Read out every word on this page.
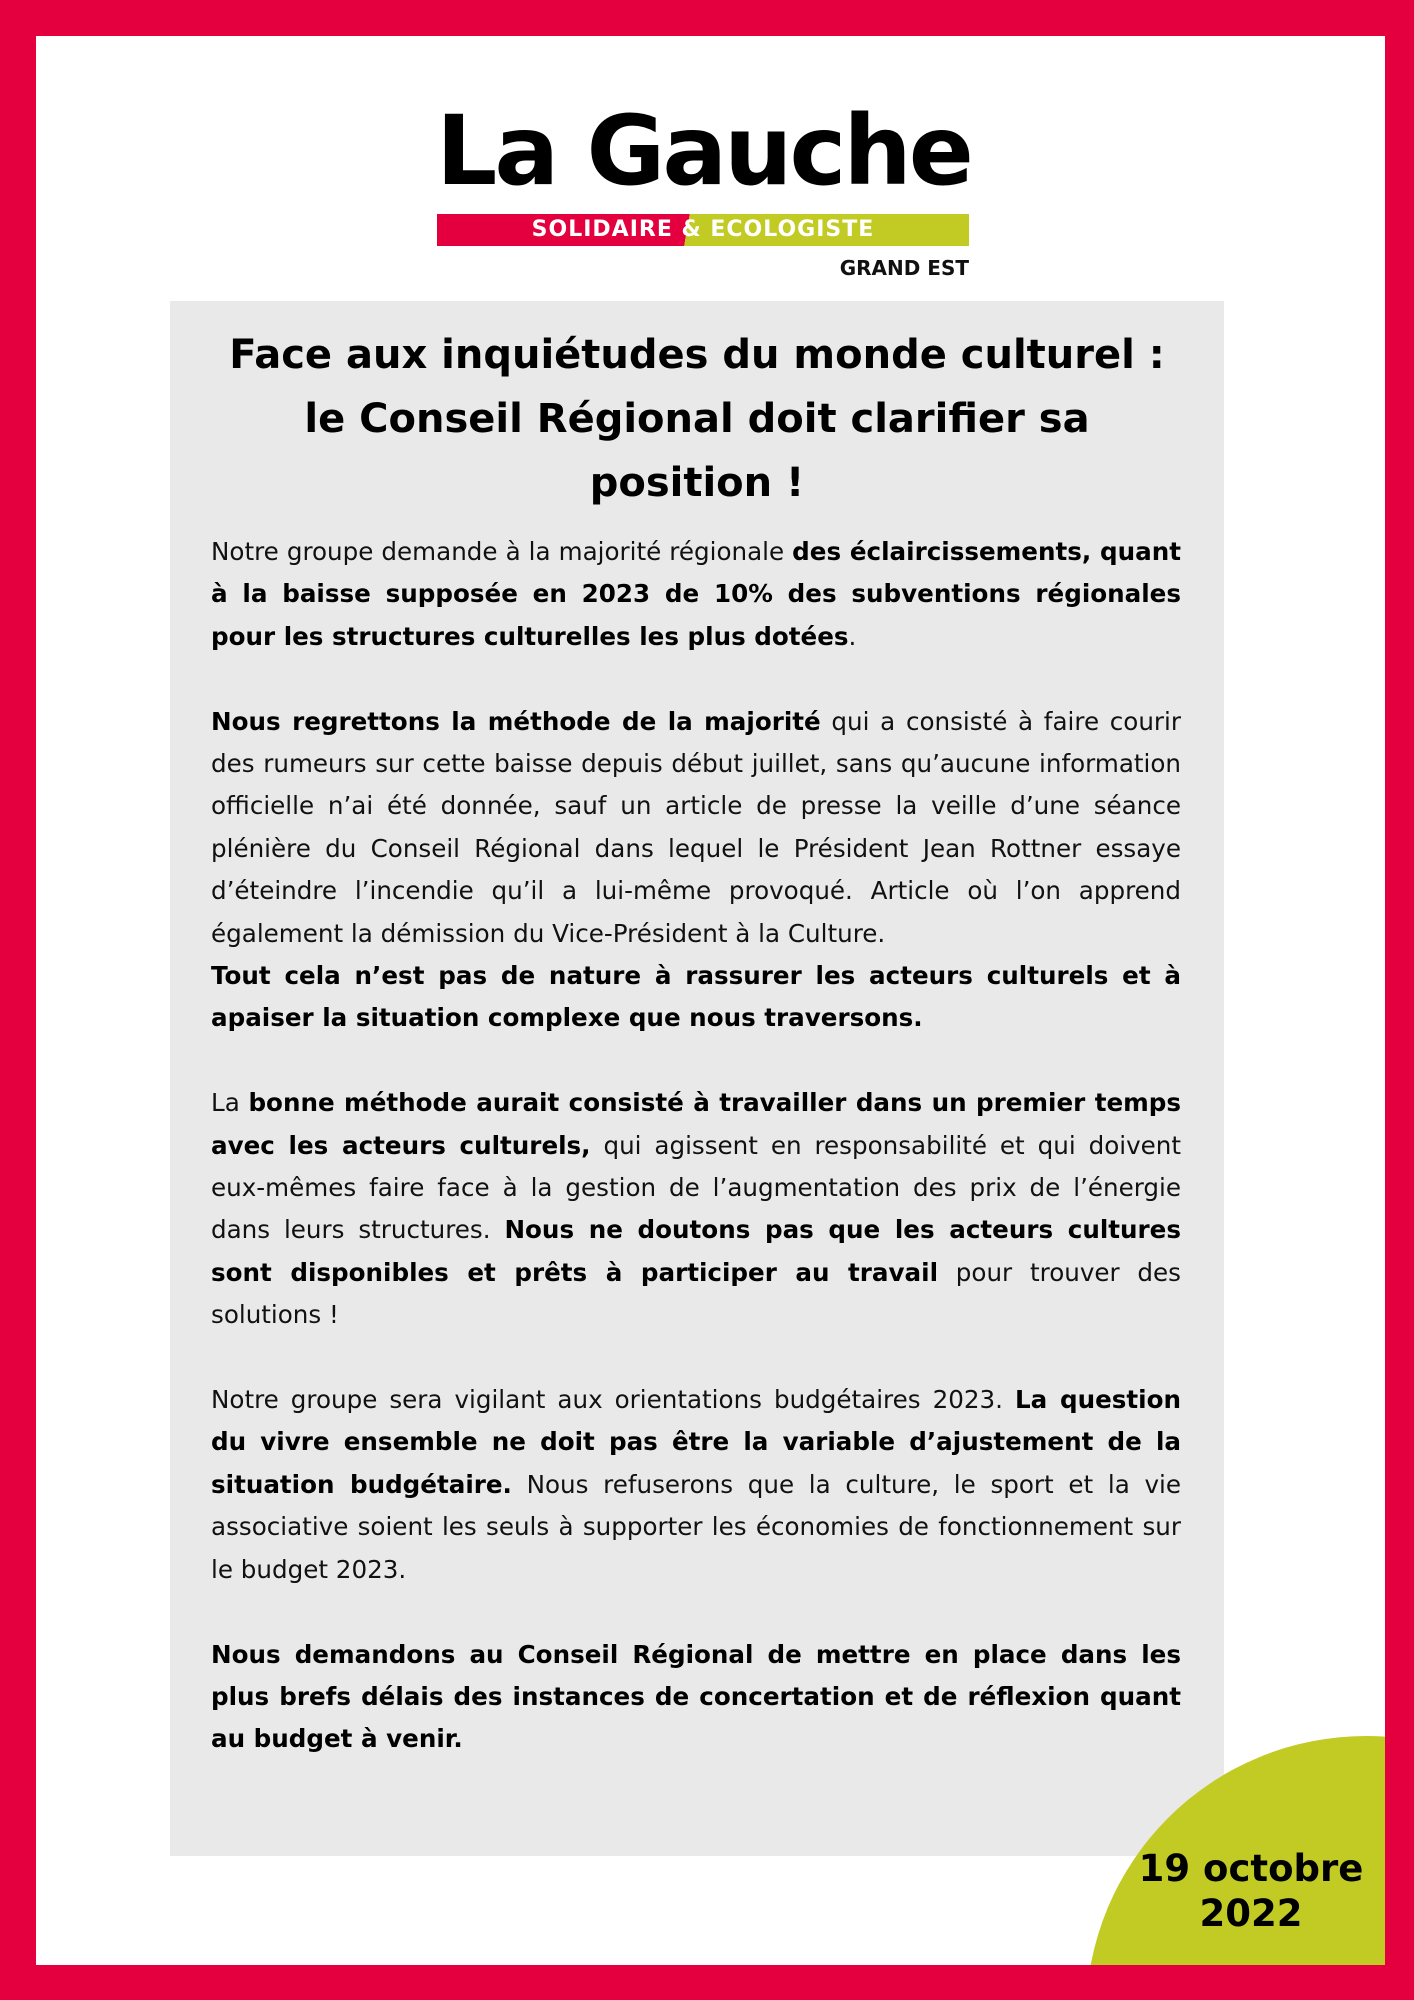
La Gauche
SOLIDAIRE & ECOLOGISTE
GRAND EST
Face aux inquiétudes du monde culturel : le Conseil Régional doit clarifier sa position !

Notre groupe demande à la majorité régionale des éclaircissements, quant à la baisse supposée en 2023 de 10% des subventions régionales pour les structures culturelles les plus dotées.

Nous regrettons la méthode de la majorité qui a consisté à faire courir des rumeurs sur cette baisse depuis début juillet, sans qu’aucune information officielle n’ai été donnée, sauf un article de presse la veille d’une séance plénière du Conseil Régional dans lequel le Président Jean Rottner essaye d’éteindre l’incendie qu’il a lui-même provoqué. Article où l’on apprend également la démission du Vice-Président à la Culture.

Tout cela n’est pas de nature à rassurer les acteurs culturels et à apaiser la situation complexe que nous traversons.

La bonne méthode aurait consisté à travailler dans un premier temps avec les acteurs culturels, qui agissent en responsabilité et qui doivent eux-mêmes faire face à la gestion de l’augmentation des prix de l’énergie dans leurs structures. Nous ne doutons pas que les acteurs cultures sont disponibles et prêts à participer au travail pour trouver des solutions !

Notre groupe sera vigilant aux orientations budgétaires 2023. La question du vivre ensemble ne doit pas être la variable d’ajustement de la situation budgétaire. Nous refuserons que la culture, le sport et la vie associative soient les seuls à supporter les économies de fonctionnement sur le budget 2023.

Nous demandons au Conseil Régional de mettre en place dans les plus brefs délais des instances de concertation et de réflexion quant au budget à venir.

19 octobre
2022
